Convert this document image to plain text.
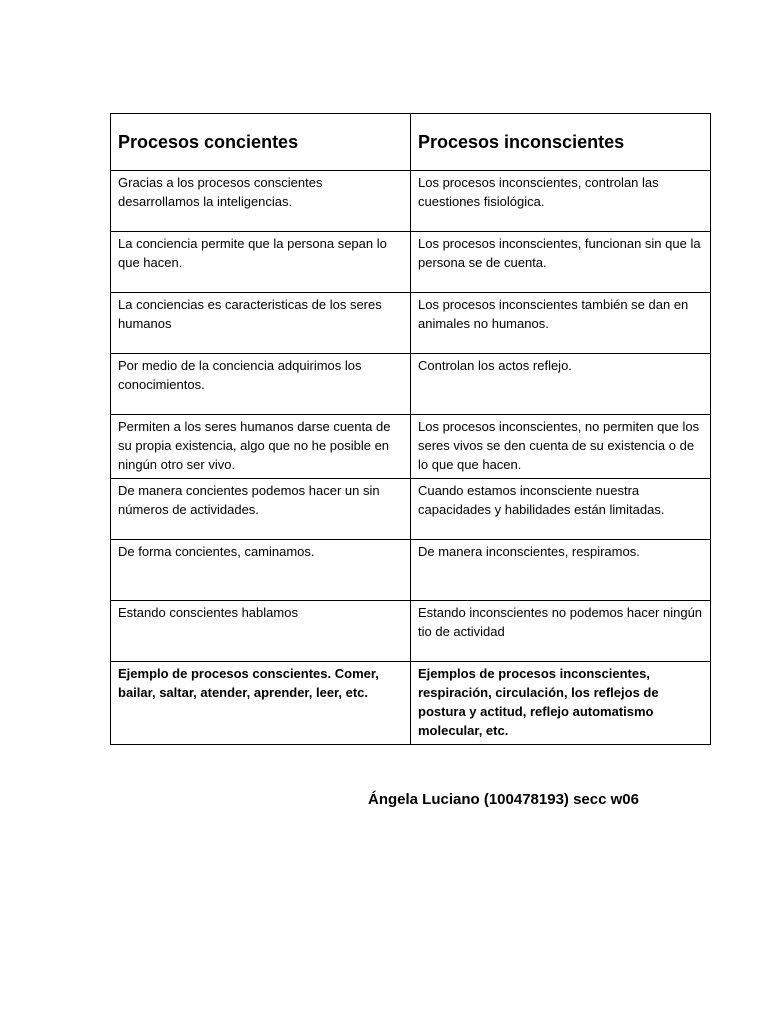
Procesos concientes	Procesos inconscientes
Gracias a los procesos conscientes desarrollamos la inteligencias.	Los procesos inconscientes, controlan las cuestiones fisiológica.
La conciencia permite que la persona sepan lo que hacen.	Los procesos inconscientes, funcionan sin que la persona se de cuenta.
La conciencias es caracteristicas de los seres humanos	Los procesos inconscientes también se dan en animales no humanos.
Por medio de la conciencia adquirimos los conocimientos.	Controlan los actos reflejo.
Permiten a los seres humanos darse cuenta de su propia existencia, algo que no he posible en ningún otro ser vivo.	Los procesos inconscientes, no permiten que los seres vivos se den cuenta de su existencia o de lo que que hacen.
De manera concientes podemos hacer un sin números de actividades.	Cuando estamos inconsciente nuestra capacidades y habilidades están limitadas.
De forma concientes, caminamos.	De manera inconscientes, respiramos.
Estando conscientes hablamos	Estando inconscientes no podemos hacer ningún tio de actividad
Ejemplo de procesos conscientes. Comer, bailar, saltar, atender, aprender, leer, etc.	Ejemplos de procesos inconscientes, respiración, circulación, los reflejos de postura y actitud, reflejo automatismo molecular, etc.
Ángela Luciano (100478193) secc w06
